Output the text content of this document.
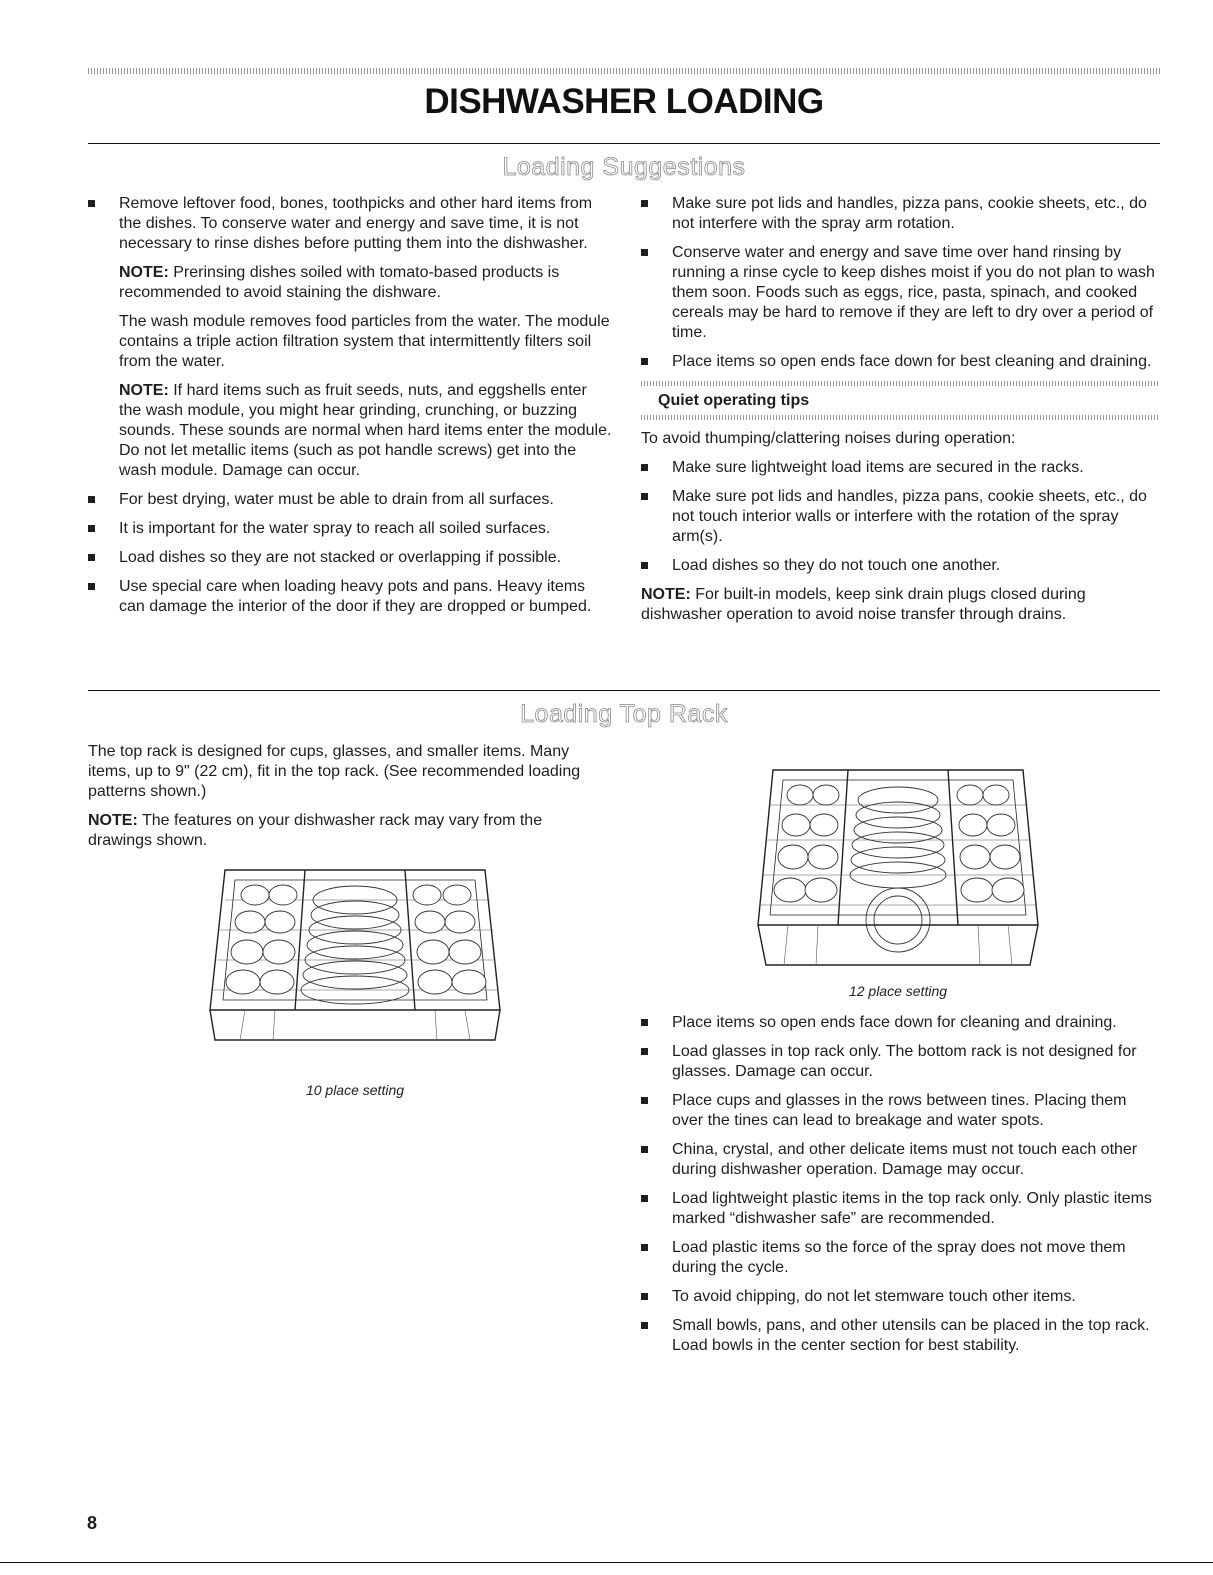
DISHWASHER LOADING
Loading Suggestions
Remove leftover food, bones, toothpicks and other hard items from the dishes. To conserve water and energy and save time, it is not necessary to rinse dishes before putting them into the dishwasher.

NOTE: Prerinsing dishes soiled with tomato-based products is recommended to avoid staining the dishware.

The wash module removes food particles from the water. The module contains a triple action filtration system that intermittently filters soil from the water.

NOTE: If hard items such as fruit seeds, nuts, and eggshells enter the wash module, you might hear grinding, crunching, or buzzing sounds. These sounds are normal when hard items enter the module. Do not let metallic items (such as pot handle screws) get into the wash module. Damage can occur.

For best drying, water must be able to drain from all surfaces.
It is important for the water spray to reach all soiled surfaces.
Load dishes so they are not stacked or overlapping if possible.
Use special care when loading heavy pots and pans. Heavy items can damage the interior of the door if they are dropped or bumped.
Make sure pot lids and handles, pizza pans, cookie sheets, etc., do not interfere with the spray arm rotation.
Conserve water and energy and save time over hand rinsing by running a rinse cycle to keep dishes moist if you do not plan to wash them soon. Foods such as eggs, rice, pasta, spinach, and cooked cereals may be hard to remove if they are left to dry over a period of time.
Place items so open ends face down for best cleaning and draining.
Quiet operating tips

To avoid thumping/clattering noises during operation:

Make sure lightweight load items are secured in the racks.
Make sure pot lids and handles, pizza pans, cookie sheets, etc., do not touch interior walls or interfere with the rotation of the spray arm(s).
Load dishes so they do not touch one another.

NOTE: For built-in models, keep sink drain plugs closed during dishwasher operation to avoid noise transfer through drains.

Loading Top Rack

The top rack is designed for cups, glasses, and smaller items. Many items, up to 9" (22 cm), fit in the top rack. (See recommended loading patterns shown.)

NOTE: The features on your dishwasher rack may vary from the drawings shown.

10 place setting
12 place setting
Place items so open ends face down for cleaning and draining.
Load glasses in top rack only. The bottom rack is not designed for glasses. Damage can occur.
Place cups and glasses in the rows between tines. Placing them over the tines can lead to breakage and water spots.
China, crystal, and other delicate items must not touch each other during dishwasher operation. Damage may occur.
Load lightweight plastic items in the top rack only. Only plastic items marked “dishwasher safe” are recommended.
Load plastic items so the force of the spray does not move them during the cycle.
To avoid chipping, do not let stemware touch other items.
Small bowls, pans, and other utensils can be placed in the top rack. Load bowls in the center section for best stability.
8
